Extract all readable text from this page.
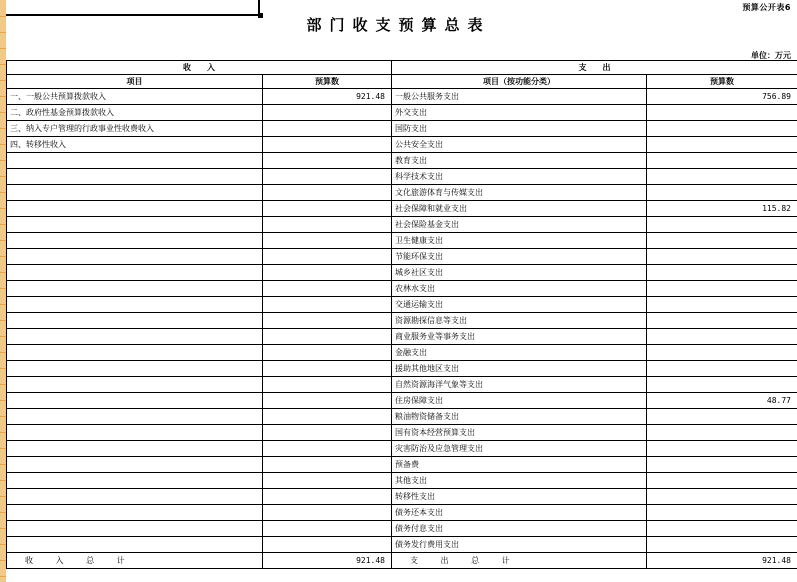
预算公开表6
部门收支预算总表
单位：万元
收　　入		支　　出	
项目	预算数	项目（按功能分类）	预算数
一、一般公共预算拨款收入	921.48	一般公共服务支出	756.89
二、政府性基金预算拨款收入		外交支出	
三、纳入专户管理的行政事业性收费收入		国防支出	
四、转移性收入		公共安全支出	
		教育支出	
		科学技术支出	
		文化旅游体育与传媒支出	
		社会保障和就业支出	115.82
		社会保险基金支出	
		卫生健康支出	
		节能环保支出	
		城乡社区支出	
		农林水支出	
		交通运输支出	
		资源勘探信息等支出	
		商业服务业等事务支出	
		金融支出	
		援助其他地区支出	
		自然资源海洋气象等支出	
		住房保障支出	48.77
		粮油物资储备支出	
		国有资本经营预算支出	
		灾害防治及应急管理支出	
		预备费	
		其他支出	
		转移性支出	
		债务还本支出	
		债务付息支出	
		债务发行费用支出	
收 入 总 计	921.48	支 出 总 计	921.48
